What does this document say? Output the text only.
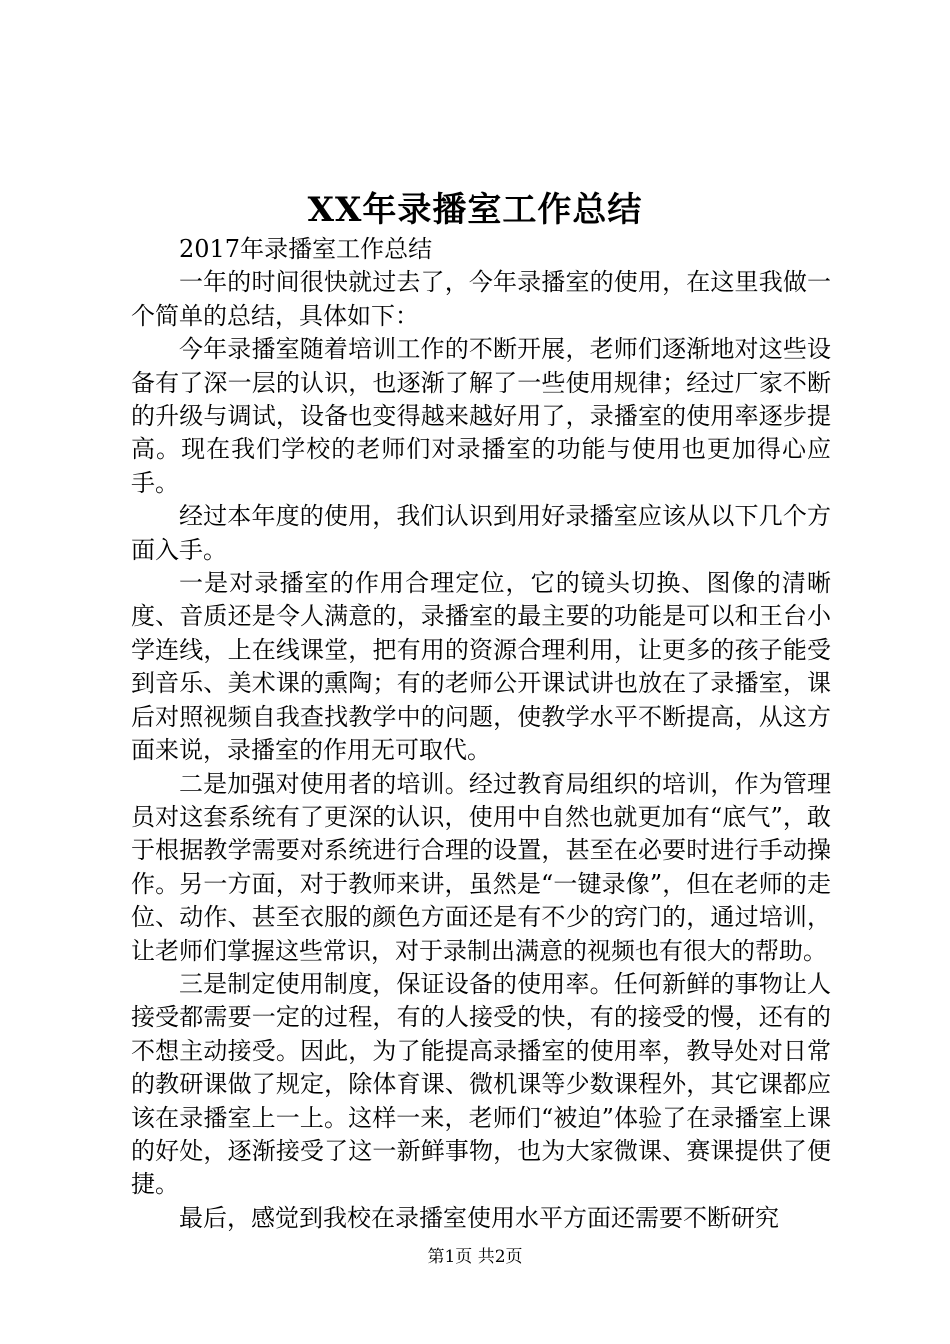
XX年录播室工作总结

2017年录播室工作总结

一年的时间很快就过去了，今年录播室的使用，在这里我做一个简单的总结，具体如下：

今年录播室随着培训工作的不断开展，老师们逐渐地对这些设备有了深一层的认识，也逐渐了解了一些使用规律；经过厂家不断的升级与调试，设备也变得越来越好用了，录播室的使用率逐步提高。现在我们学校的老师们对录播室的功能与使用也更加得心应手。

经过本年度的使用，我们认识到用好录播室应该从以下几个方面入手。

一是对录播室的作用合理定位，它的镜头切换、图像的清晰度、音质还是令人满意的，录播室的最主要的功能是可以和王台小学连线，上在线课堂，把有用的资源合理利用，让更多的孩子能受到音乐、美术课的熏陶；有的老师公开课试讲也放在了录播室，课后对照视频自我查找教学中的问题，使教学水平不断提高，从这方面来说，录播室的作用无可取代。

二是加强对使用者的培训。经过教育局组织的培训，作为管理员对这套系统有了更深的认识，使用中自然也就更加有“底气”，敢于根据教学需要对系统进行合理的设置，甚至在必要时进行手动操作。另一方面，对于教师来讲，虽然是“一键录像”，但在老师的走位、动作、甚至衣服的颜色方面还是有不少的窍门的，通过培训，让老师们掌握这些常识，对于录制出满意的视频也有很大的帮助。

三是制定使用制度，保证设备的使用率。任何新鲜的事物让人接受都需要一定的过程，有的人接受的快，有的接受的慢，还有的不想主动接受。因此，为了能提高录播室的使用率，教导处对日常的教研课做了规定，除体育课、微机课等少数课程外，其它课都应该在录播室上一上。这样一来，老师们“被迫”体验了在录播室上课的好处，逐渐接受了这一新鲜事物，也为大家微课、赛课提供了便捷。

最后，感觉到我校在录播室使用水平方面还需要不断研究

第1页 共2页
